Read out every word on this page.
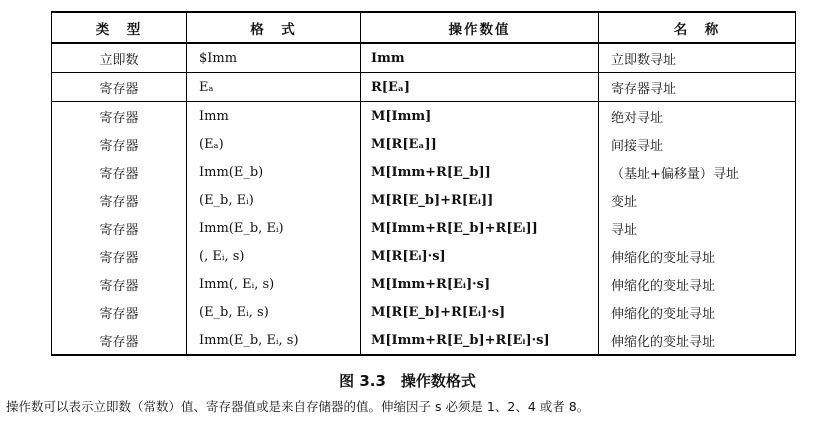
类　型	格　式	操作数值	名　称
立即数	$Imm	Imm	立即数寻址
寄存器	Eₐ	R[Eₐ]	寄存器寻址
寄存器	Imm	M[Imm]	绝对寻址
寄存器	(Eₐ)	M[R[Eₐ]]	间接寻址
寄存器	Imm(E_b)	M[Imm+R[E_b]]	（基址+偏移量）寻址
寄存器	(E_b, Eᵢ)	M[R[E_b]+R[Eᵢ]]	变址
寄存器	Imm(E_b, Eᵢ)	M[Imm+R[E_b]+R[Eᵢ]]	寻址
寄存器	(, Eᵢ, s)	M[R[Eᵢ]·s]	伸缩化的变址寻址
寄存器	Imm(, Eᵢ, s)	M[Imm+R[Eᵢ]·s]	伸缩化的变址寻址
寄存器	(E_b, Eᵢ, s)	M[R[E_b]+R[Eᵢ]·s]	伸缩化的变址寻址
寄存器	Imm(E_b, Eᵢ, s)	M[Imm+R[E_b]+R[Eᵢ]·s]	伸缩化的变址寻址
图 3.3　操作数格式
操作数可以表示立即数（常数）值、寄存器值或是来自存储器的值。伸缩因子 s 必须是 1、2、4 或者 8。
